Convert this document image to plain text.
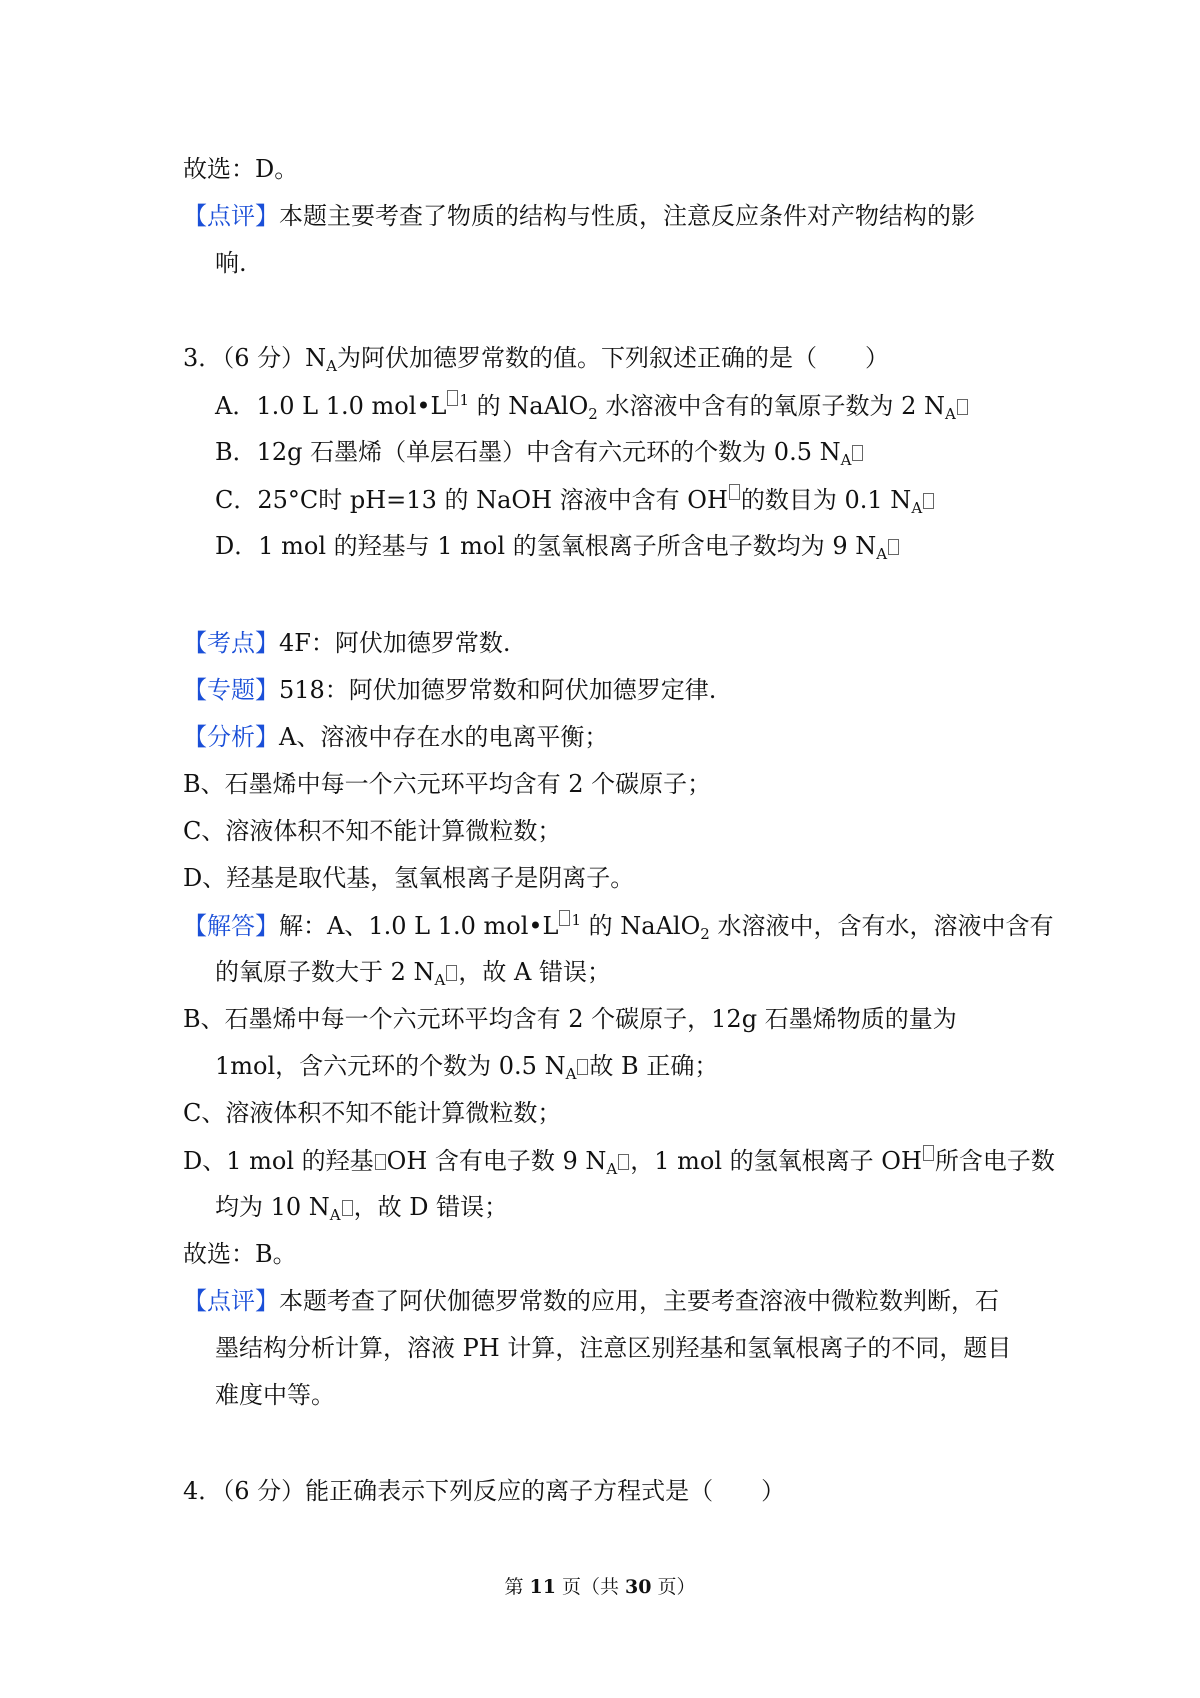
故选：D。
【点评】本题主要考查了物质的结构与性质，注意反应条件对产物结构的影
响.
3．（6 分）$N_A$为阿伏加德罗常数的值。下列叙述正确的是（　　）
A．1.0 L 1.0 mol•L $^1$ 的 NaAlO$_2$ 水溶液中含有的氧原子数为 2 $N_A$
B．12g 石墨烯（单层石墨）中含有六元环的个数为 0.5 $N_A$
C．25°C时 pH=13 的 NaOH 溶液中含有 OH 的数目为 0.1 $N_A$
D．1 mol 的羟基与 1 mol 的氢氧根离子所含电子数均为 9 $N_A$
【考点】4F：阿伏加德罗常数.
【专题】518：阿伏加德罗常数和阿伏加德罗定律.
【分析】A、溶液中存在水的电离平衡；
B、石墨烯中每一个六元环平均含有 2 个碳原子；
C、溶液体积不知不能计算微粒数；
D、羟基是取代基，氢氧根离子是阴离子。
【解答】解：A、1.0 L 1.0 mol•L $^1$ 的 NaAlO$_2$ 水溶液中，含有水，溶液中含有
的氧原子数大于 2 $N_A$ ，故 A 错误；
B、石墨烯中每一个六元环平均含有 2 个碳原子，12g 石墨烯物质的量为
1mol，含六元环的个数为 0.5 $N_A$ 故 B 正确；
C、溶液体积不知不能计算微粒数；
D、1 mol 的羟基 OH 含有电子数 9 $N_A$ ，1 mol 的氢氧根离子 OH 所含电子数
均为 10 $N_A$ ，故 D 错误；
故选：B。
【点评】本题考查了阿伏伽德罗常数的应用，主要考查溶液中微粒数判断，石
墨结构分析计算，溶液 PH 计算，注意区别羟基和氢氧根离子的不同，题目
难度中等。
4．（6 分）能正确表示下列反应的离子方程式是（　　）
第 11 页（共 30 页）
